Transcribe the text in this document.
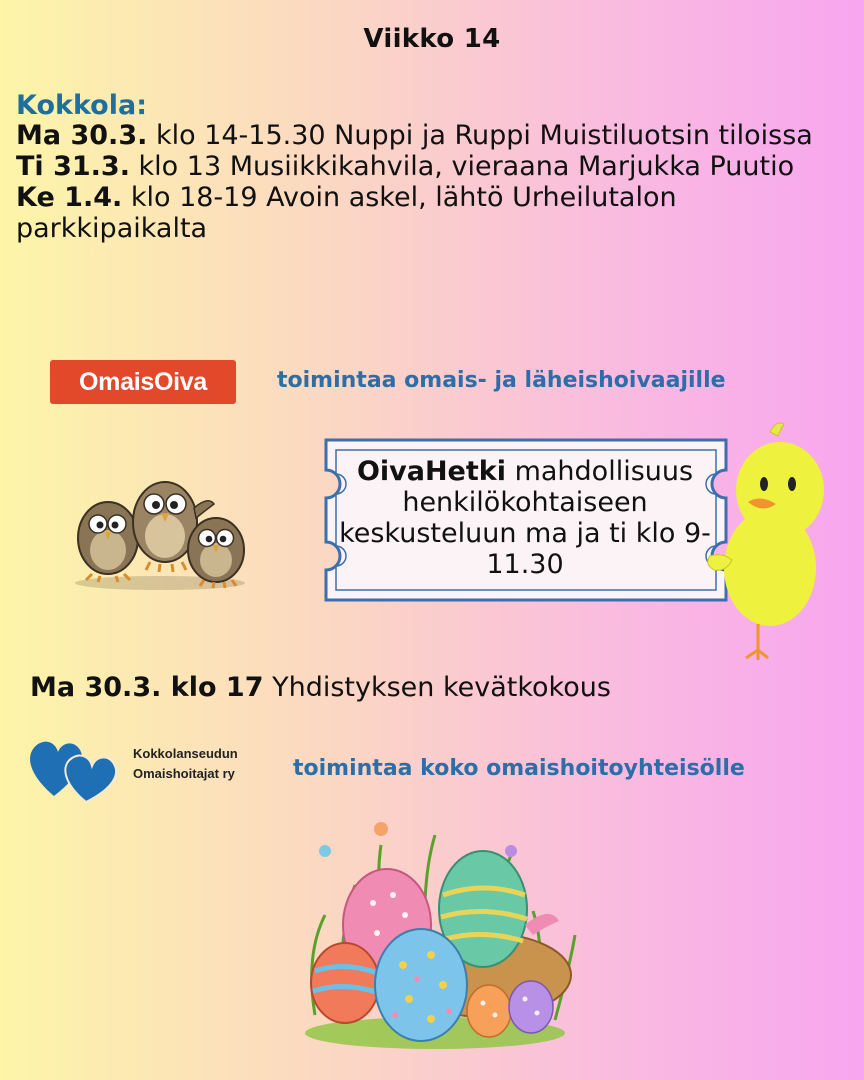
Viikko 14
Kokkola:

Ma 30.3. klo 14-15.30 Nuppi ja Ruppi Muistiluotsin tiloissa

Ti 31.3. klo 13 Musiikkikahvila, vieraana Marjukka Puutio

Ke 1.4. klo 18-19 Avoin askel, lähtö Urheilutalon parkkipaikalta

OmaisOiva	toimintaa omais- ja läheishoivaajille
OivaHetki mahdollisuus henkilökohtaiseen keskusteluun ma ja ti klo 9-11.30
Ma 30.3. klo 17 Yhdistyksen kevätkokous
Kokkolanseudun
Omaishoitajat ry	toimintaa koko omaishoitoyhteisölle
